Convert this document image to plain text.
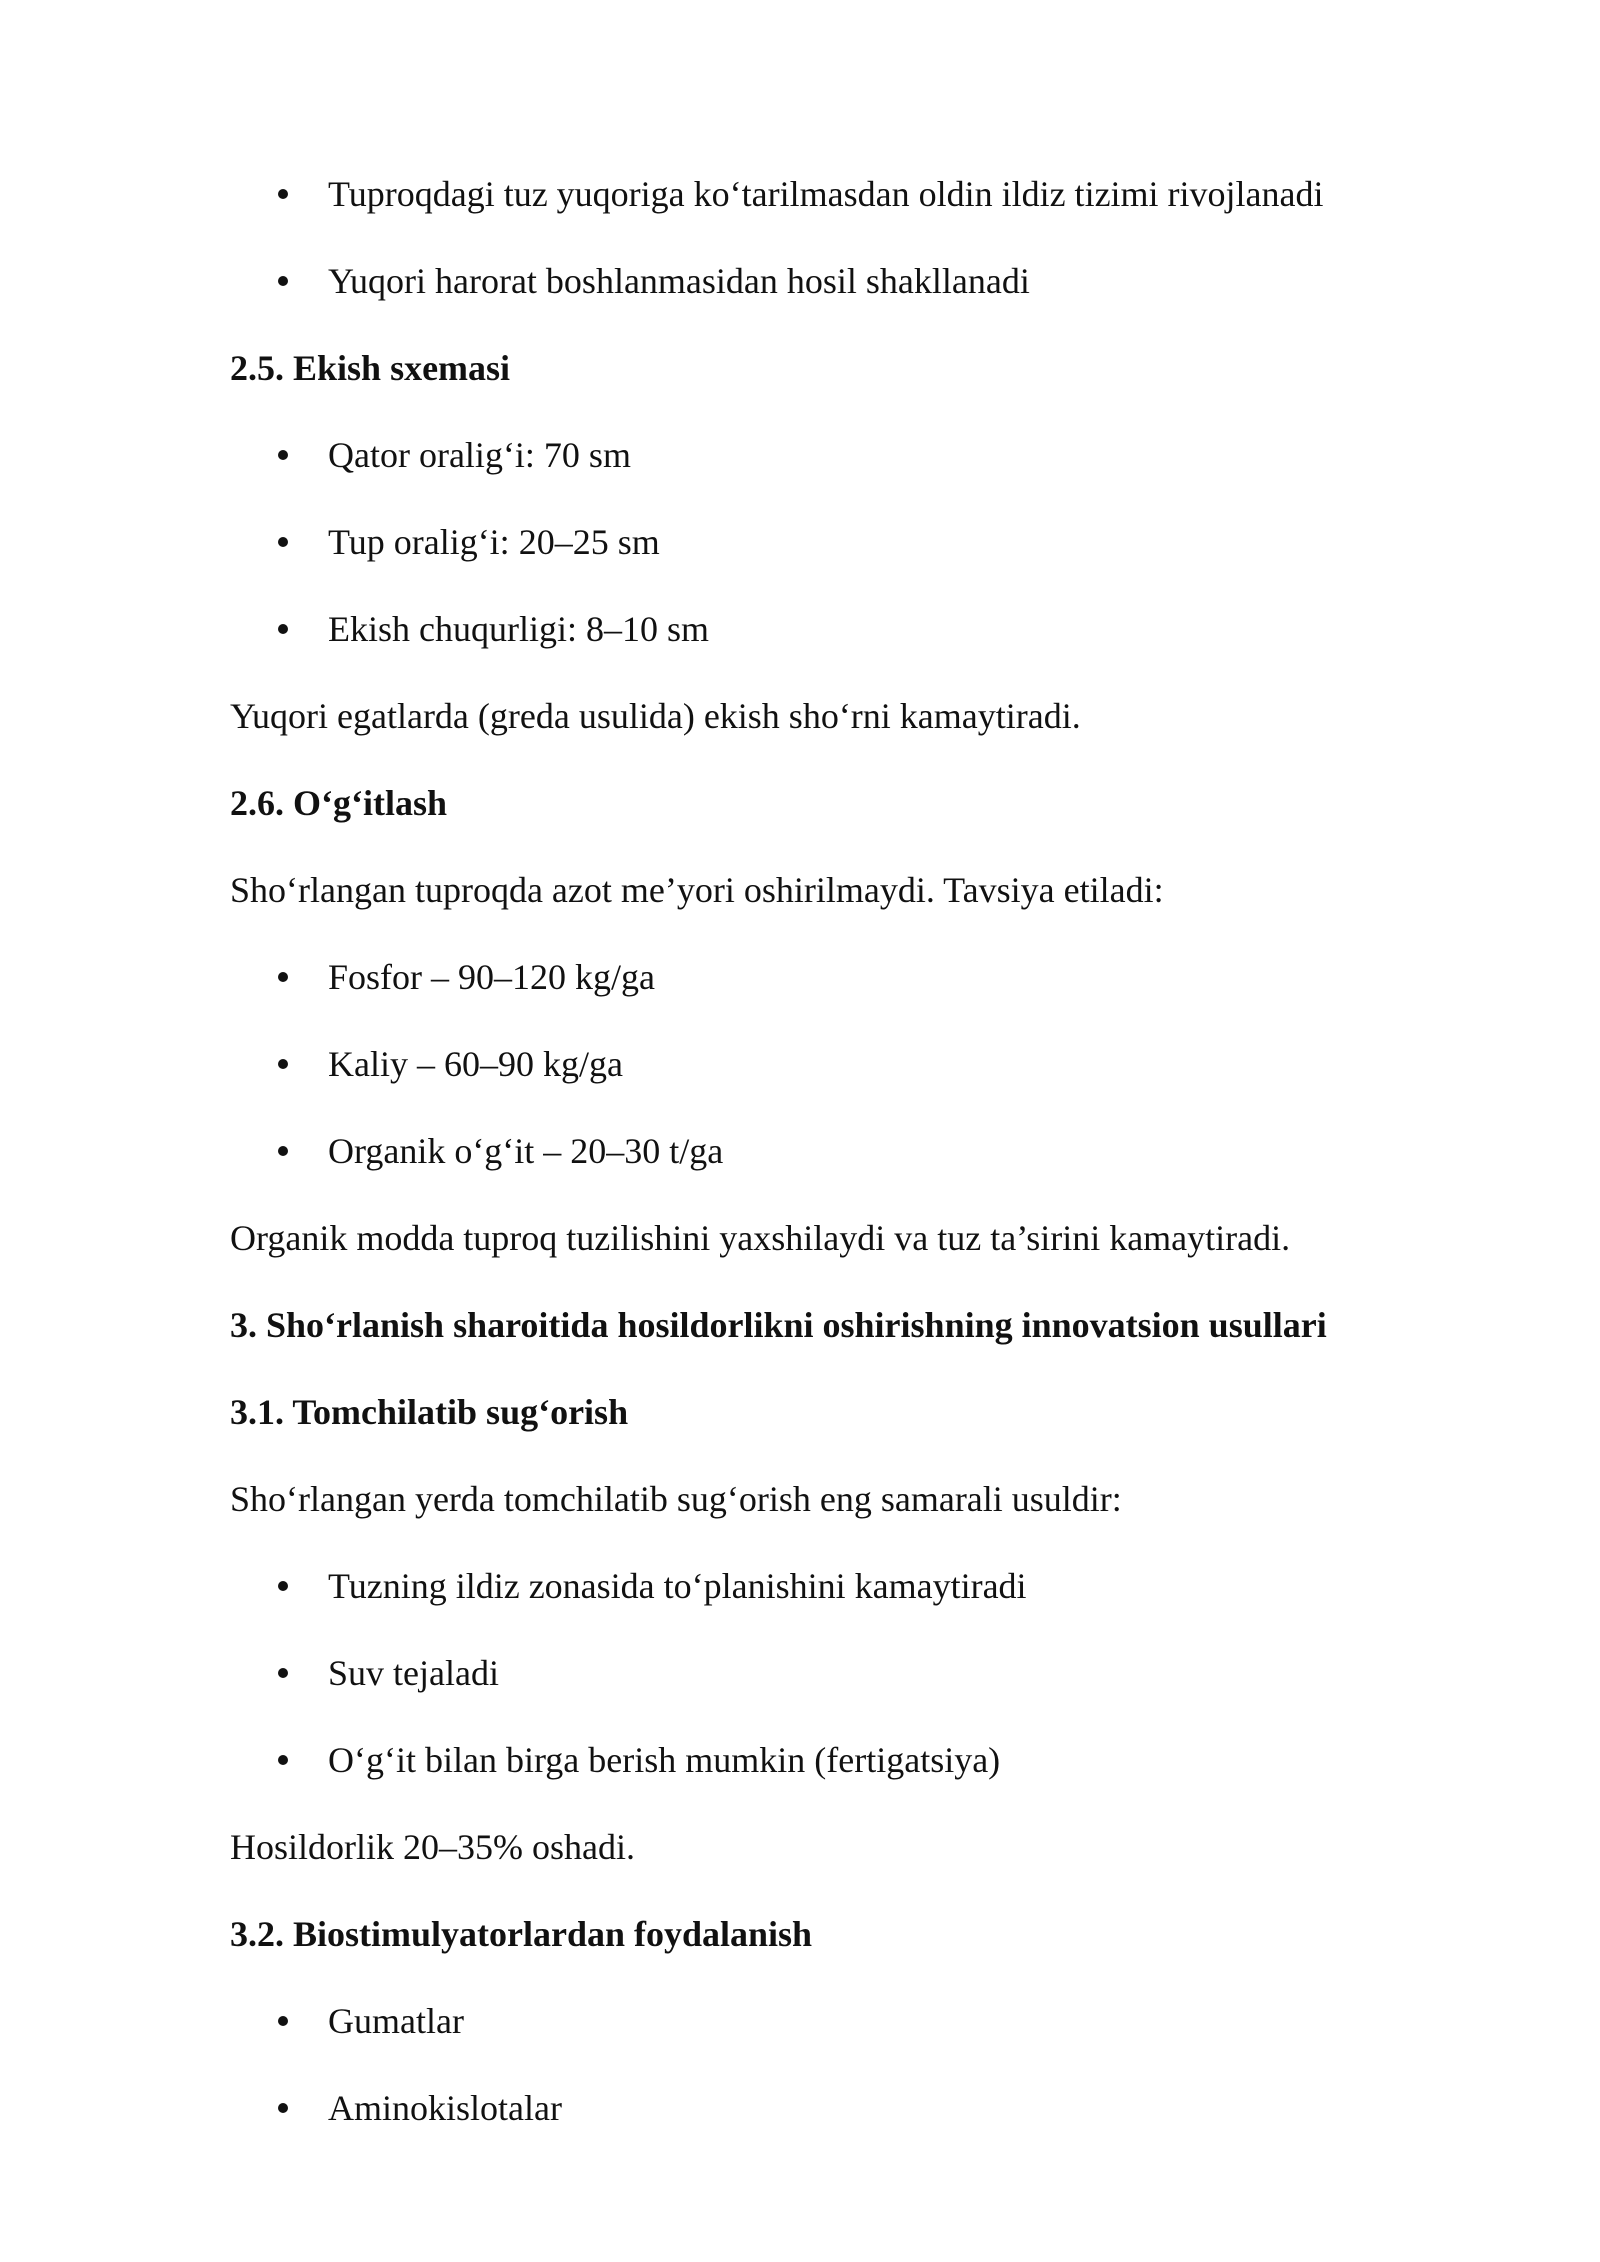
Tuproqdagi tuz yuqoriga ko‘tarilmasdan oldin ildiz tizimi rivojlanadi
Yuqori harorat boshlanmasidan hosil shakllanadi
2.5. Ekish sxemasi
Qator oralig‘i: 70 sm
Tup oralig‘i: 20–25 sm
Ekish chuqurligi: 8–10 sm
Yuqori egatlarda (greda usulida) ekish sho‘rni kamaytiradi.
2.6. O‘g‘itlash
Sho‘rlangan tuproqda azot me’yori oshirilmaydi. Tavsiya etiladi:
Fosfor – 90–120 kg/ga
Kaliy – 60–90 kg/ga
Organik o‘g‘it – 20–30 t/ga
Organik modda tuproq tuzilishini yaxshilaydi va tuz ta’sirini kamaytiradi.
3. Sho‘rlanish sharoitida hosildorlikni oshirishning innovatsion usullari
3.1. Tomchilatib sug‘orish
Sho‘rlangan yerda tomchilatib sug‘orish eng samarali usuldir:
Tuzning ildiz zonasida to‘planishini kamaytiradi
Suv tejaladi
O‘g‘it bilan birga berish mumkin (fertigatsiya)
Hosildorlik 20–35% oshadi.
3.2. Biostimulyatorlardan foydalanish
Gumatlar
Aminokislotalar
